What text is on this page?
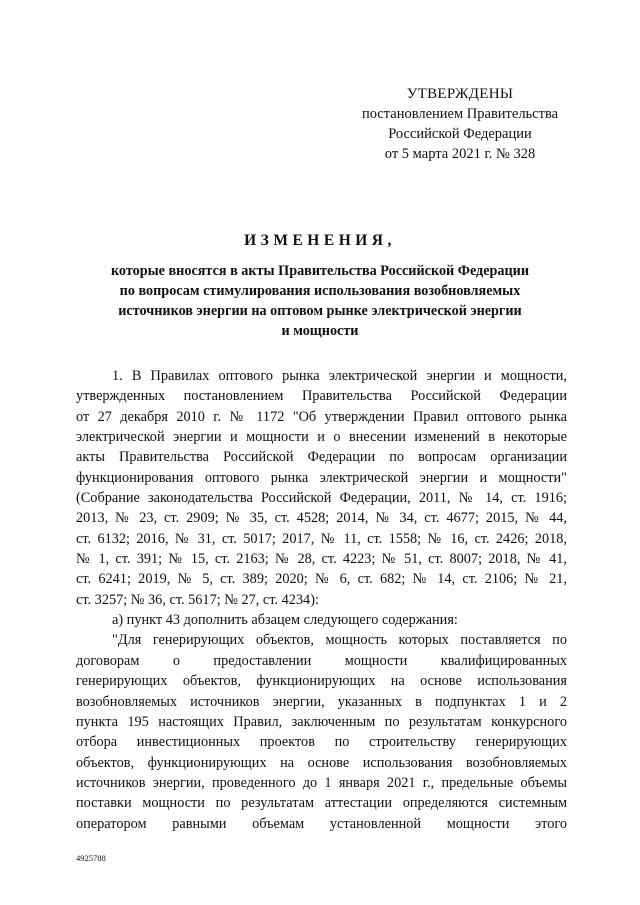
УТВЕРЖДЕНЫ
постановлением Правительства
Российской Федерации
от 5 марта 2021 г. № 328
ИЗМЕНЕНИЯ,
которые вносятся в акты Правительства Российской Федерации
по вопросам стимулирования использования возобновляемых
источников энергии на оптовом рынке электрической энергии
и мощности
1. В Правилах оптового рынка электрической энергии и мощности,
утвержденных постановлением Правительства Российской Федерации
от 27 декабря 2010 г. № 1172 "Об утверждении Правил оптового рынка
электрической энергии и мощности и о внесении изменений в некоторые
акты Правительства Российской Федерации по вопросам организации
функционирования оптового рынка электрической энергии и мощности"
(Собрание законодательства Российской Федерации, 2011, № 14, ст. 1916;
2013, № 23, ст. 2909; № 35, ст. 4528; 2014, № 34, ст. 4677; 2015, № 44,
ст. 6132; 2016, № 31, ст. 5017; 2017, № 11, ст. 1558; № 16, ст. 2426; 2018,
№ 1, ст. 391; № 15, ст. 2163; № 28, ст. 4223; № 51, ст. 8007; 2018, № 41,
ст. 6241; 2019, № 5, ст. 389; 2020; № 6, ст. 682; № 14, ст. 2106; № 21,
ст. 3257; № 36, ст. 5617; № 27, ст. 4234):
а) пункт 43 дополнить абзацем следующего содержания:
"Для генерирующих объектов, мощность которых поставляется по
договорам о предоставлении мощности квалифицированных
генерирующих объектов, функционирующих на основе использования
возобновляемых источников энергии, указанных в подпунктах 1 и 2
пункта 195 настоящих Правил, заключенным по результатам конкурсного
отбора инвестиционных проектов по строительству генерирующих
объектов, функционирующих на основе использования возобновляемых
источников энергии, проведенного до 1 января 2021 г., предельные объемы
поставки мощности по результатам аттестации определяются системным
оператором равными объемам установленной мощности этого
4925788
